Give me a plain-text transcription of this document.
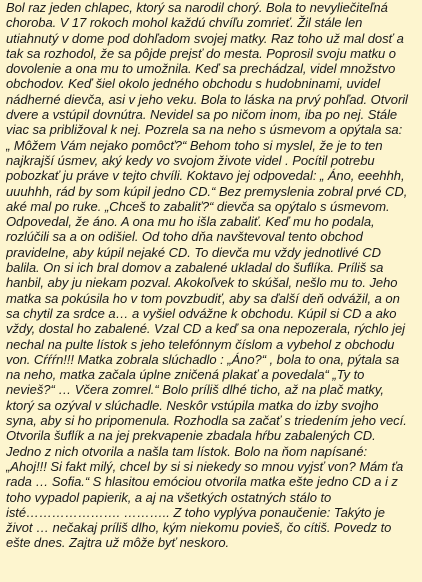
Bol raz jeden chlapec, ktorý sa narodil chorý. Bola to nevyliečiteľná
choroba. V 17 rokoch mohol každú chvíľu zomrieť. Žil stále len
utiahnutý v dome pod dohľadom svojej matky. Raz toho už mal dosť a
tak sa rozhodol, že sa pôjde prejsť do mesta. Poprosil svoju matku o
dovolenie a ona mu to umožnila. Keď sa prechádzal, videl množstvo
obchodov. Keď šiel okolo jedného obchodu s hudobninami, uvidel
nádherné dievča, asi v jeho veku. Bola to láska na prvý pohľad. Otvoril
dvere a vstúpil dovnútra. Nevidel sa po ničom inom, iba po nej. Stále
viac sa približoval k nej. Pozrela sa na neho s úsmevom a opýtala sa:
„ Môžem Vám nejako pomôcť?“ Behom toho si myslel, že je to ten
najkrajší úsmev, aký kedy vo svojom živote videl . Pocítil potrebu
pobozkať ju práve v tejto chvíli. Koktavo jej odpovedal: „ Áno, eeehhh,
uuuhhh, rád by som kúpil jedno CD.“ Bez premyslenia zobral prvé CD,
aké mal po ruke. „Chceš to zabaliť?“ dievča sa opýtalo s úsmevom.
Odpovedal, že áno. A ona mu ho išla zabaliť. Keď mu ho podala,
rozlúčili sa a on odišiel. Od toho dňa navštevoval tento obchod
pravidelne, aby kúpil nejaké CD. To dievča mu vždy jednotlivé CD
balila. On si ich bral domov a zabalené ukladal do šuflíka. Príliš sa
hanbil, aby ju niekam pozval. Akokoľvek to skúšal, nešlo mu to. Jeho
matka sa pokúsila ho v tom povzbudiť, aby sa ďalší deň odvážil, a on
sa chytil za srdce a… a vyšiel odvážne k obchodu. Kúpil si CD a ako
vždy, dostal ho zabalené. Vzal CD a keď sa ona nepozerala, rýchlo jej
nechal na pulte lístok s jeho telefónnym číslom a vybehol z obchodu
von. Cŕŕŕn!!! Matka zobrala slúchadlo : „Áno?“ , bola to ona, pýtala sa
na neho, matka začala úplne zničená plakať a povedala“ „Ty to
nevieš?“ … Včera zomrel.“ Bolo príliš dlhé ticho, až na plač matky,
ktorý sa ozýval v slúchadle. Neskôr vstúpila matka do izby svojho
syna, aby si ho pripomenula. Rozhodla sa začať s triedením jeho vecí.
Otvorila šuflík a na jej prekvapenie zbadala hŕbu zabalených CD.
Jedno z nich otvorila a našla tam lístok. Bolo na ňom napísané:
„Ahoj!!! Si fakt milý, chcel by si si niekedy so mnou vyjsť von? Mám ťa
rada … Sofia.“ S hlasitou emóciou otvorila matka ešte jedno CD a i z
toho vypadol papierik, a aj na všetkých ostatných stálo to
isté…………………. ……….. Z toho vyplýva ponaučenie: Takýto je
život … nečakaj príliš dlho, kým niekomu povieš, čo cítiš. Povedz to
ešte dnes. Zajtra už môže byť neskoro.
